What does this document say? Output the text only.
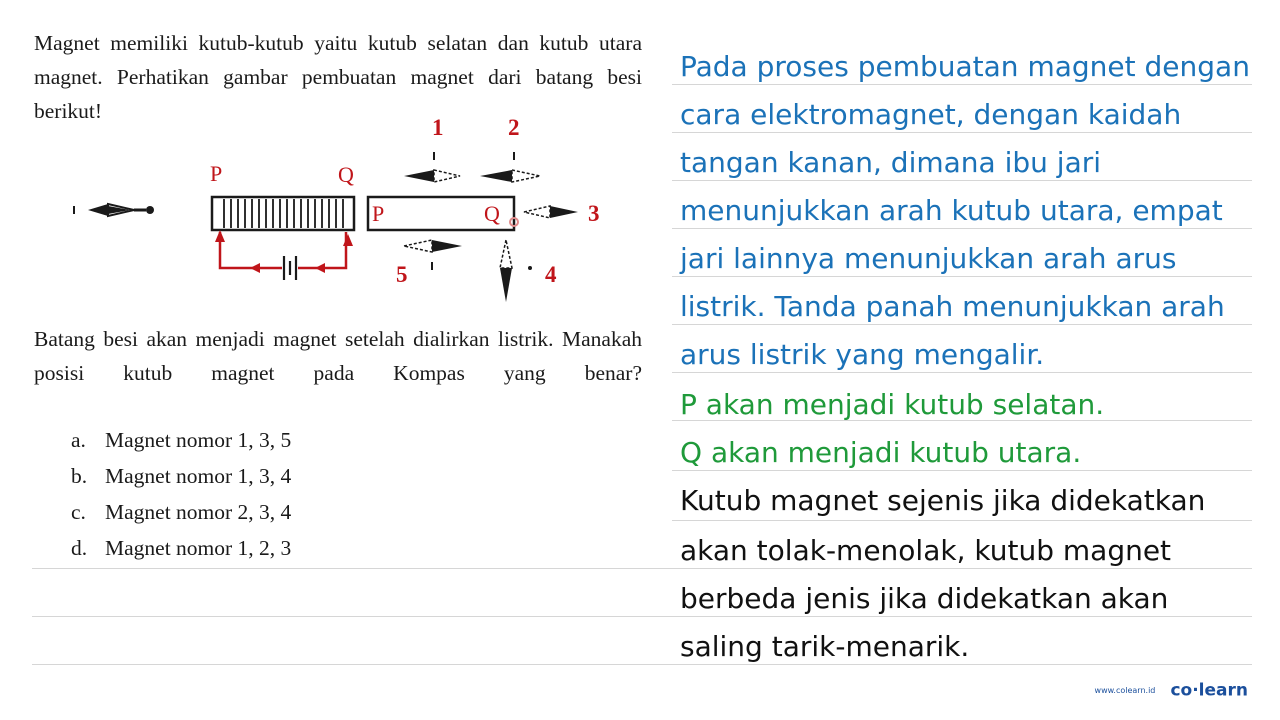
Magnet memiliki kutub-kutub yaitu kutub selatan dan kutub utara magnet. Perhatikan gambar pembuatan magnet dari batang besi berikut!
P	Q
P	Q
1	2
3
4
5
Batang besi akan menjadi magnet setelah dialirkan listrik. Manakah posisi kutub magnet pada Kompas yang benar?
a. Magnet nomor 1, 3, 5
b. Magnet nomor 1, 3, 4
c. Magnet nomor 2, 3, 4
d. Magnet nomor 1, 2, 3
Pada proses pembuatan magnet dengan
cara elektromagnet, dengan kaidah
tangan kanan, dimana ibu jari
menunjukkan arah kutub utara, empat
jari lainnya menunjukkan arah arus
listrik. Tanda panah menunjukkan arah
arus listrik yang mengalir.
P akan menjadi kutub selatan.
Q akan menjadi kutub utara.
Kutub magnet sejenis jika didekatkan
akan tolak-menolak, kutub magnet
berbeda jenis jika didekatkan akan
saling tarik-menarik.
www.colearn.id co·learn
